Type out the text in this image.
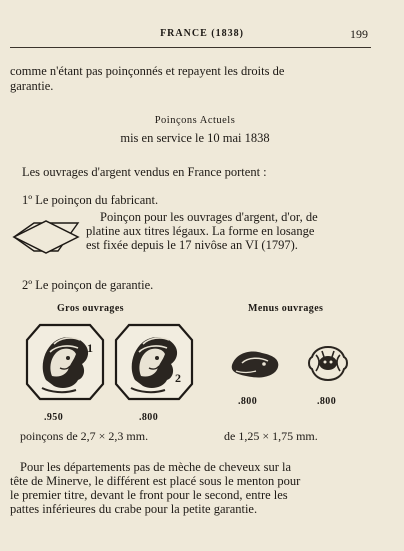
FRANCE (1838)	199
comme n'étant pas poinçonnés et repayent les droits de
garantie.
Poinçons Actuels
mis en service le 10 mai 1838
Les ouvrages d'argent vendus en France portent :
1º Le poinçon du fabricant.
Poinçon pour les ouvrages d'argent, d'or, de
platine aux titres légaux. La forme en losange
est fixée depuis le 17 nivôse an VI (1797).
2º Le poinçon de garantie.
Gros ouvrages	Menus ouvrages
1
2
.950	.800
.800	.800
poinçons de 2,7 × 2,3 mm.	de 1,25 × 1,75 mm.
Pour les départements pas de mèche de cheveux sur la
tête de Minerve, le différent est placé sous le menton pour
le premier titre, devant le front pour le second, entre les
pattes inférieures du crabe pour la petite garantie.
